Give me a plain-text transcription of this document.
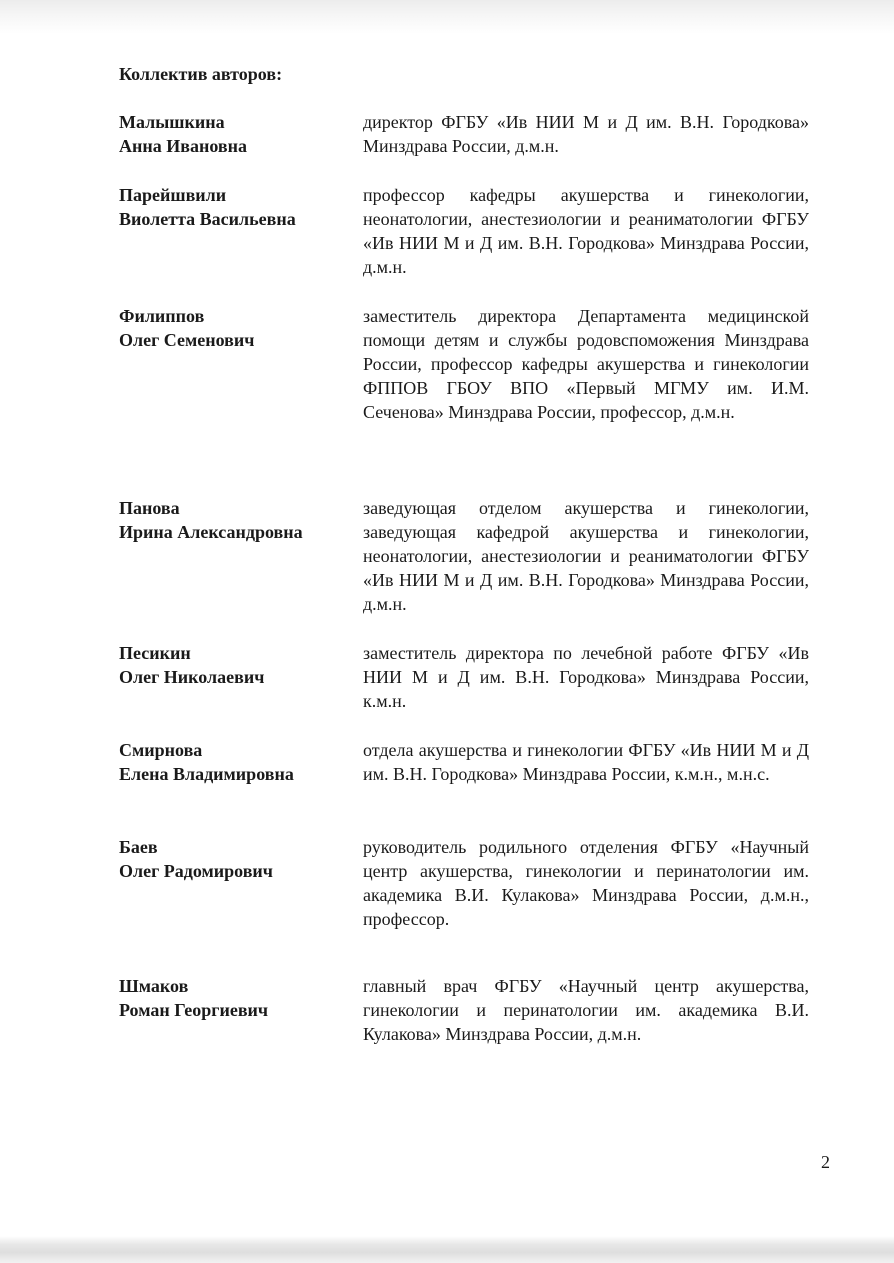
Коллектив авторов:
Малышкина
Анна Ивановна
директор ФГБУ «Ив НИИ М и Д им. В.Н. Городкова» Минздрава России, д.м.н.
Парейшвили
Виолетта Васильевна
профессор кафедры акушерства и гинекологии, неонатологии, анестезиологии и реаниматологии ФГБУ «Ив НИИ М и Д им. В.Н. Городкова» Минздрава России, д.м.н.
Филиппов
Олег Семенович
заместитель директора Департамента медицинской помощи детям и службы родовспоможения Минздрава России, профессор кафедры акушерства и гинекологии ФППОВ ГБОУ ВПО «Первый МГМУ им. И.М. Сеченова» Минздрава России, профессор, д.м.н.
Панова
Ирина Александровна
заведующая отделом акушерства и гинекологии, заведующая кафедрой акушерства и гинекологии, неонатологии, анестезиологии и реаниматологии ФГБУ «Ив НИИ М и Д им. В.Н. Городкова» Минздрава России, д.м.н.
Песикин
Олег Николаевич
заместитель директора по лечебной работе ФГБУ «Ив НИИ М и Д им. В.Н. Городкова» Минздрава России, к.м.н.
Смирнова
Елена Владимировна
отдела акушерства и гинекологии ФГБУ «Ив НИИ М и Д им. В.Н. Городкова» Минздрава России, к.м.н., м.н.с.
Баев
Олег Радомирович
руководитель родильного отделения ФГБУ «Научный центр акушерства, гинекологии и перинатологии им. академика В.И. Кулакова» Минздрава России, д.м.н., профессор.
Шмаков
Роман Георгиевич
главный врач ФГБУ «Научный центр акушерства, гинекологии и перинатологии им. академика В.И. Кулакова» Минздрава России, д.м.н.
2
